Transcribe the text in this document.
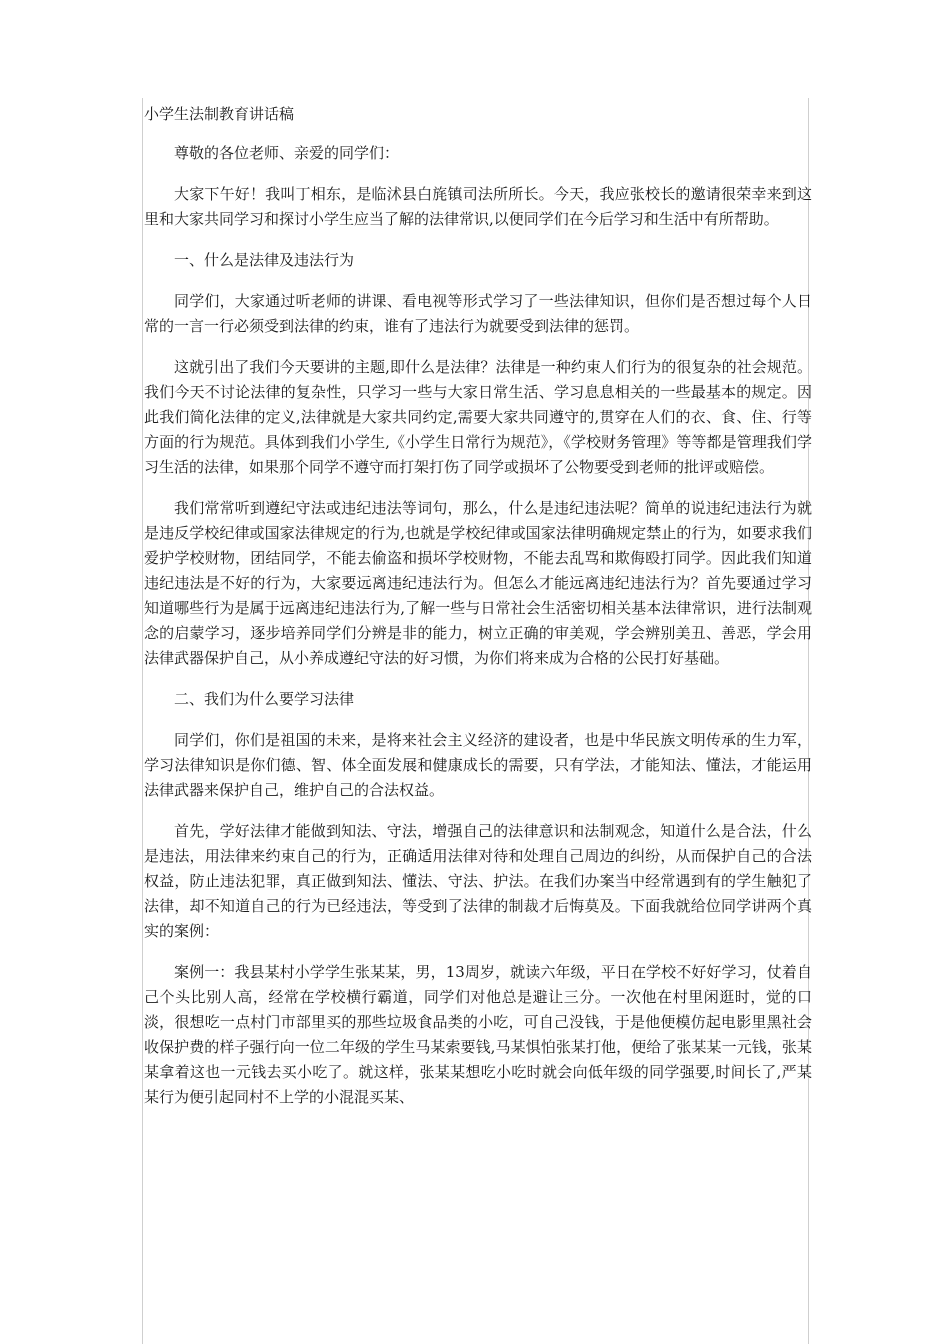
小学生法制教育讲话稿

尊敬的各位老师、亲爱的同学们：

大家下午好！我叫丁相东，是临沭县白旄镇司法所所长。今天，我应张校长的邀请很荣幸来到这里和大家共同学习和探讨小学生应当了解的法律常识,以便同学们在今后学习和生活中有所帮助。

一、什么是法律及违法行为

同学们，大家通过听老师的讲课、看电视等形式学习了一些法律知识，但你们是否想过每个人日常的一言一行必须受到法律的约束，谁有了违法行为就要受到法律的惩罚。

这就引出了我们今天要讲的主题,即什么是法律？法律是一种约束人们行为的很复杂的社会规范。我们今天不讨论法律的复杂性，只学习一些与大家日常生活、学习息息相关的一些最基本的规定。因此我们简化法律的定义,法律就是大家共同约定,需要大家共同遵守的,贯穿在人们的衣、食、住、行等方面的行为规范。具体到我们小学生,《小学生日常行为规范》，《学校财务管理》等等都是管理我们学习生活的法律，如果那个同学不遵守而打架打伤了同学或损坏了公物要受到老师的批评或赔偿。

我们常常听到遵纪守法或违纪违法等词句，那么，什么是违纪违法呢？简单的说违纪违法行为就是违反学校纪律或国家法律规定的行为,也就是学校纪律或国家法律明确规定禁止的行为，如要求我们爱护学校财物，团结同学，不能去偷盗和损坏学校财物，不能去乱骂和欺侮殴打同学。因此我们知道违纪违法是不好的行为，大家要远离违纪违法行为。但怎么才能远离违纪违法行为？首先要通过学习知道哪些行为是属于远离违纪违法行为,了解一些与日常社会生活密切相关基本法律常识，进行法制观念的启蒙学习，逐步培养同学们分辨是非的能力，树立正确的审美观，学会辨别美丑、善恶，学会用法律武器保护自己，从小养成遵纪守法的好习惯，为你们将来成为合格的公民打好基础。

二、我们为什么要学习法律

同学们，你们是祖国的未来，是将来社会主义经济的建设者，也是中华民族文明传承的生力军，学习法律知识是你们德、智、体全面发展和健康成长的需要，只有学法，才能知法、懂法，才能运用法律武器来保护自己，维护自己的合法权益。

首先，学好法律才能做到知法、守法，增强自己的法律意识和法制观念，知道什么是合法，什么是违法，用法律来约束自己的行为，正确适用法律对待和处理自己周边的纠纷，从而保护自己的合法权益，防止违法犯罪，真正做到知法、懂法、守法、护法。在我们办案当中经常遇到有的学生触犯了法律，却不知道自己的行为已经违法，等受到了法律的制裁才后悔莫及。下面我就给位同学讲两个真实的案例：

案例一：我县某村小学学生张某某，男，13周岁，就读六年级，平日在学校不好好学习，仗着自己个头比别人高，经常在学校横行霸道，同学们对他总是避让三分。一次他在村里闲逛时，觉的口淡，很想吃一点村门市部里买的那些垃圾食品类的小吃，可自己没钱，于是他便模仿起电影里黑社会收保护费的样子强行向一位二年级的学生马某索要钱,马某惧怕张某打他，便给了张某某一元钱，张某某拿着这也一元钱去买小吃了。就这样，张某某想吃小吃时就会向低年级的同学强要,时间长了,严某某行为便引起同村不上学的小混混买某、
